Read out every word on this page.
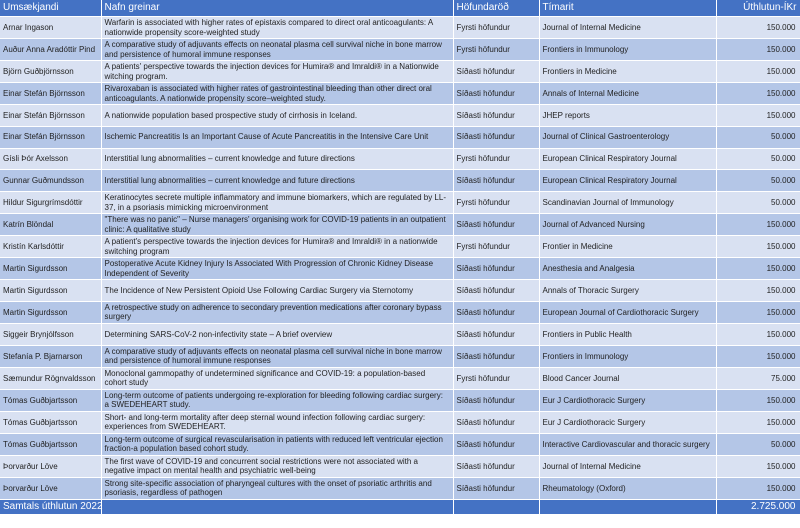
Umsækjandi	Nafn greinar	Höfundaröð	Tímarit	Úthlutun-ÍKr
Arnar Ingason	Warfarin is associated with higher rates of epistaxis compared to direct oral anticoagulants: A nationwide propensity score-weighted study	Fyrsti höfundur	Journal of Internal Medicine	150.000
Auður Anna Aradóttir Pind	A comparative study of adjuvants effects on neonatal plasma cell survival niche in bone marrow and persistence of humoral immune responses	Fyrsti höfundur	Frontiers in Immunology	150.000
Björn Guðbjörnsson	A patients' perspective towards the injection devices for Humira® and Imraldi® in a Nationwide witching program.	Síðasti höfundur	Frontiers in Medicine	150.000
Einar Stefán Björnsson	Rivaroxaban is associated with higher rates of gastrointestinal bleeding than other direct oral anticoagulants. A nationwide propensity score–weighted study.	Síðasti höfundur	Annals of Internal Medicine	150.000
Einar Stefán Björnsson	A nationwide population based prospective study of cirrhosis in Iceland.	Síðasti höfundur	JHEP reports	150.000
Einar Stefán Björnsson	Ischemic Pancreatitis Is an Important Cause of Acute Pancreatitis in the Intensive Care Unit	Síðasti höfundur	Journal of Clinical Gastroenterology	50.000
Gísli Þór Axelsson	Interstitial lung abnormalities – current knowledge and future directions	Fyrsti höfundur	European Clinical Respiratory Journal	50.000
Gunnar Guðmundsson	Interstitial lung abnormalities – current knowledge and future directions	Síðasti höfundur	European Clinical Respiratory Journal	50.000
Hildur Sigurgrímsdóttir	Keratinocytes secrete multiple inflammatory and immune biomarkers, which are regulated by LL-37, in a psoriasis mimicking microenvironment	Fyrsti höfundur	Scandinavian Journal of Immunology	50.000
Katrín Blöndal	"There was no panic" – Nurse managers' organising work for COVID-19 patients in an outpatient clinic: A qualitative study	Síðasti höfundur	Journal of Advanced Nursing	150.000
Kristín Karlsdóttir	A patient's perspective towards the injection devices for Humira® and Imraldi® in a nationwide switching program	Fyrsti höfundur	Frontier in Medicine	150.000
Martin Sigurdsson	Postoperative Acute Kidney Injury Is Associated With Progression of Chronic Kidney Disease Independent of Severity	Síðasti höfundur	Anesthesia and Analgesia	150.000
Martin Sigurdsson	The Incidence of New Persistent Opioid Use Following Cardiac Surgery via Sternotomy	Síðasti höfundur	Annals of Thoracic Surgery	150.000
Martin Sigurdsson	A retrospective study on adherence to secondary prevention medications after coronary bypass surgery	Síðasti höfundur	European Journal of Cardiothoracic Surgery	150.000
Siggeir Brynjólfsson	Determining SARS-CoV-2 non-infectivity state – A brief overview	Síðasti höfundur	Frontiers in Public Health	150.000
Stefanía P. Bjarnarson	A comparative study of adjuvants effects on neonatal plasma cell survival niche in bone marrow and persistence of humoral immune responses	Síðasti höfundur	Frontiers in Immunology	150.000
Sæmundur Rögnvaldsson	Monoclonal gammopathy of undetermined significance and COVID-19: a population-based cohort study	Fyrsti höfundur	Blood Cancer Journal	75.000
Tómas Guðbjartsson	Long-term outcome of patients undergoing re-exploration for bleeding following cardiac surgery: a SWEDEHEART study.	Síðasti höfundur	Eur J Cardiothoracic Surgery	150.000
Tómas Guðbjartsson	Short- and long-term mortality after deep sternal wound infection following cardiac surgery: experiences from SWEDEHEART.	Síðasti höfundur	Eur J Cardiothoracic Surgery	150.000
Tómas Guðbjartsson	Long-term outcome of surgical revascularisation in patients with reduced left ventricular ejection fraction-a population based cohort study.	Síðasti höfundur	Interactive Cardiovascular and thoracic surgery	50.000
Þorvarður Löve	The first wave of COVID-19 and concurrent social restrictions were not associated with a negative impact on mental health and psychiatric well-being	Síðasti höfundur	Journal of Internal Medicine	150.000
Þorvarður Löve	Strong site-specific association of pharyngeal cultures with the onset of psoriatic arthritis and psoriasis, regardless of pathogen	Síðasti höfundur	Rheumatology (Oxford)	150.000
Samtals úthlutun 2022				2.725.000
